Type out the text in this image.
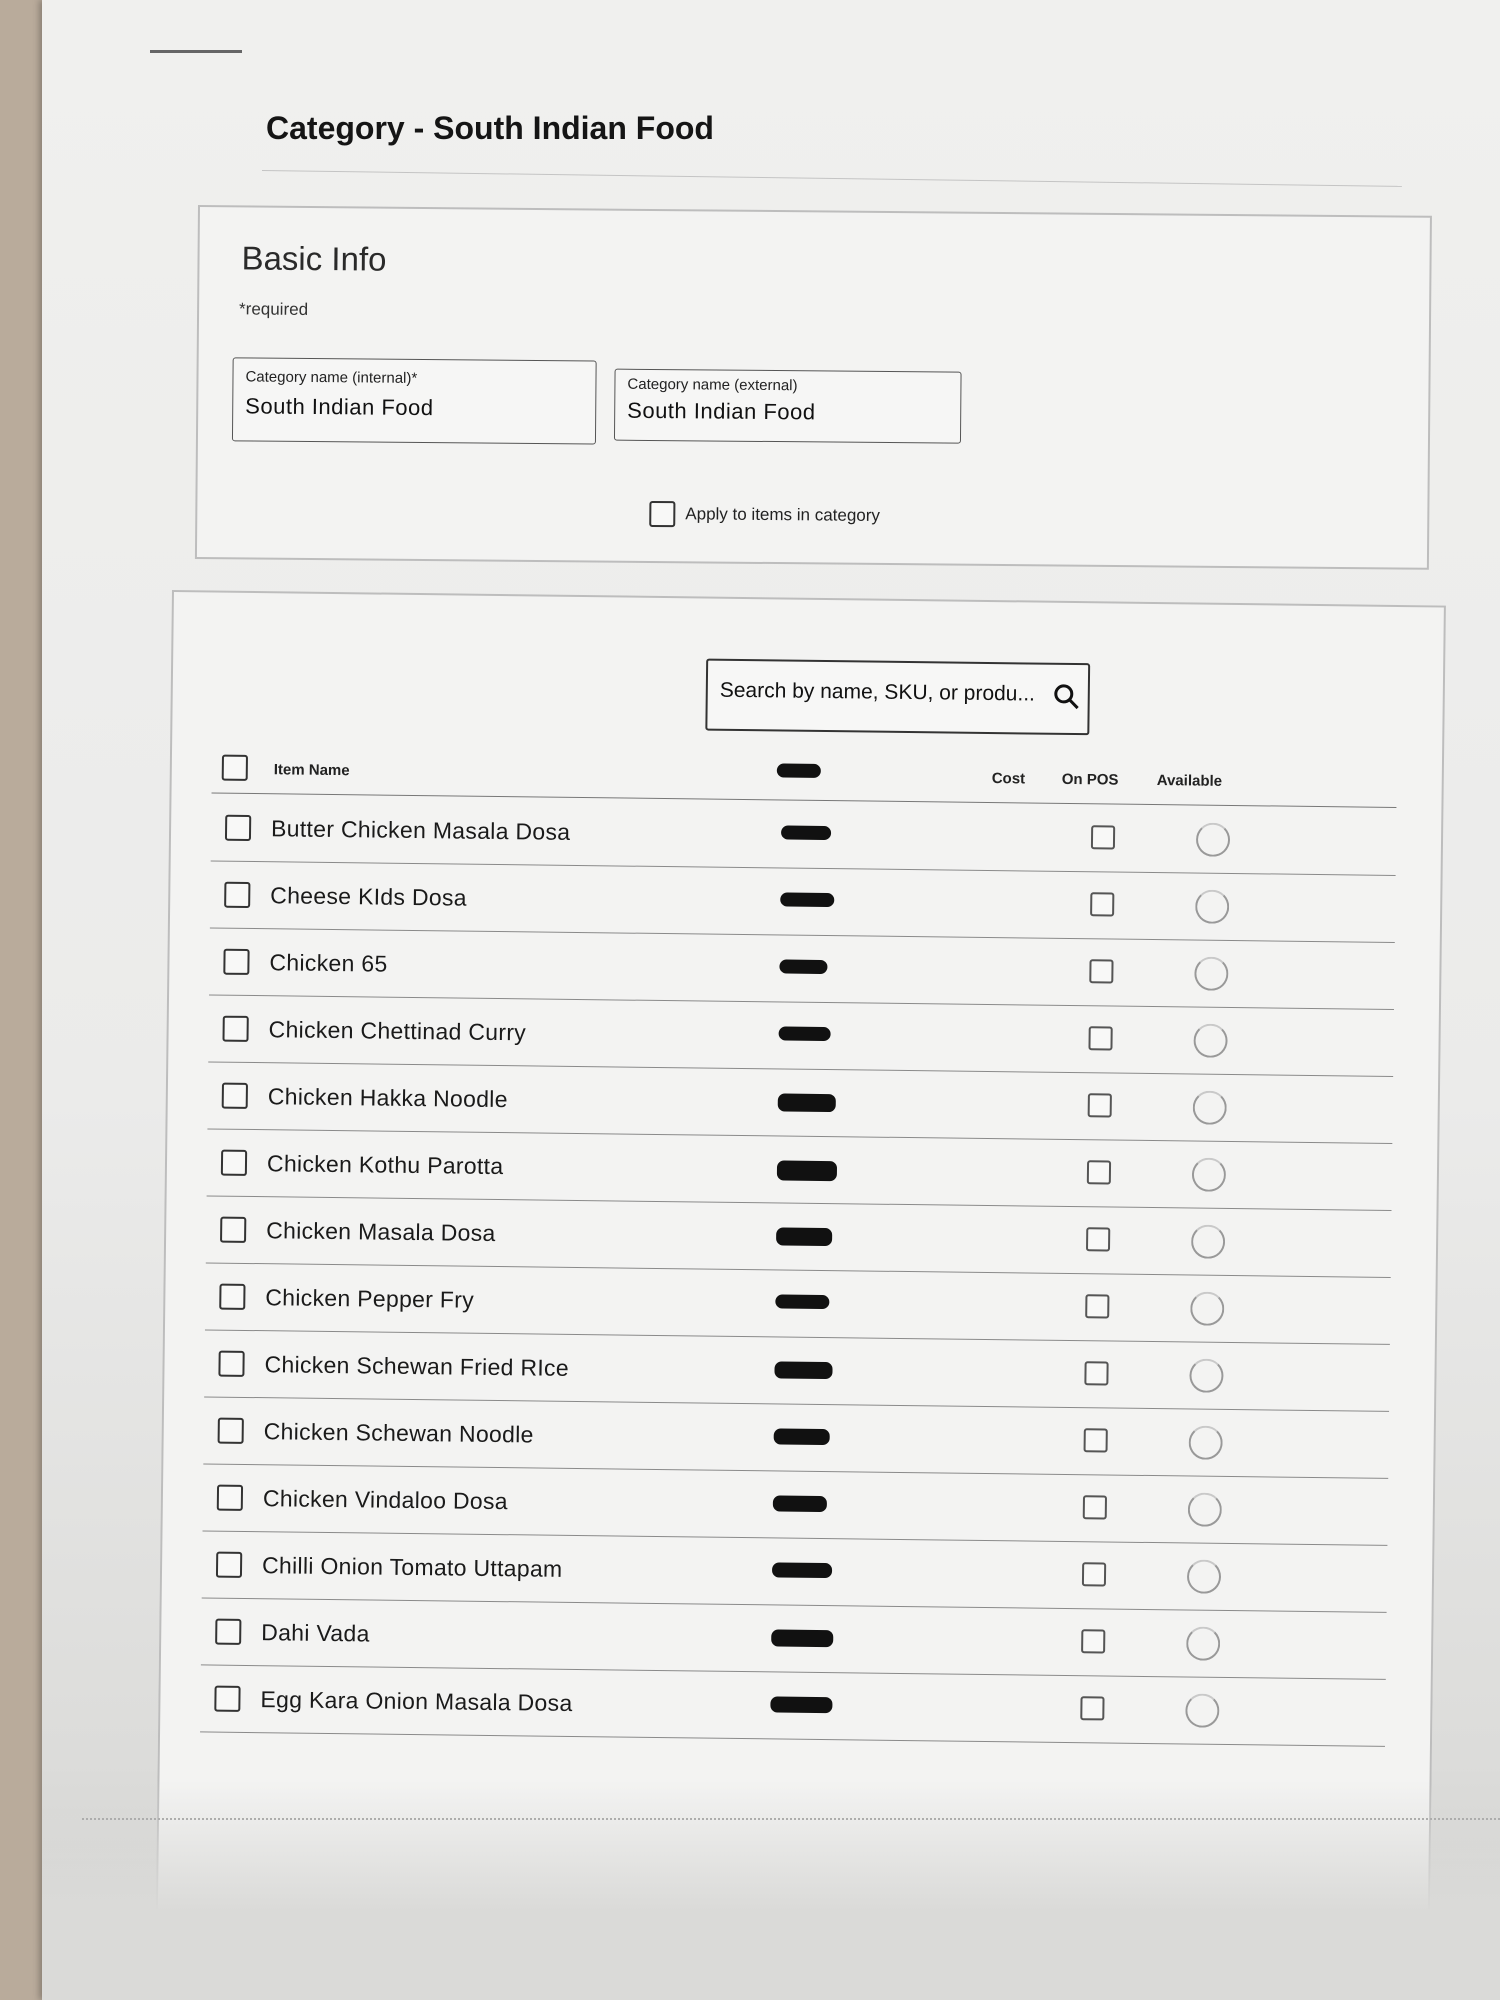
Category - South Indian Food
Basic Info
*required
Category name (internal)*
South Indian Food
Category name (external)
South Indian Food
Apply to items in category
Search by name, SKU, or produ...
Item Name	Cost On POS	Available
Butter Chicken Masala Dosa
Cheese KIds Dosa
Chicken 65
Chicken Chettinad Curry
Chicken Hakka Noodle
Chicken Kothu Parotta
Chicken Masala Dosa
Chicken Pepper Fry
Chicken Schewan Fried RIce
Chicken Schewan Noodle
Chicken Vindaloo Dosa
Chilli Onion Tomato Uttapam
Dahi Vada
Egg Kara Onion Masala Dosa
